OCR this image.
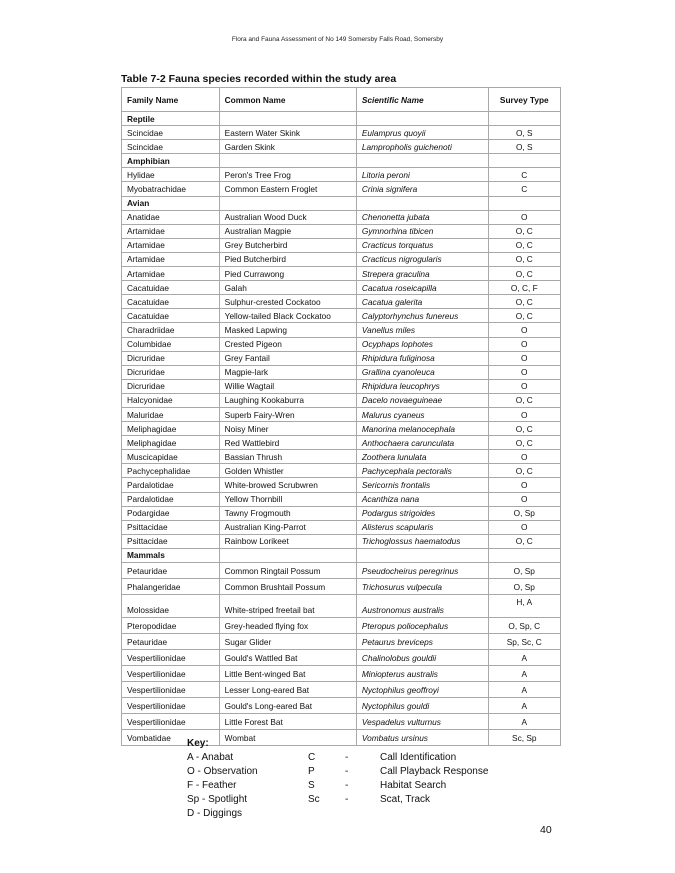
Flora and Fauna Assessment of No 149 Somersby Falls Road, Somersby
Table 7-2 Fauna species recorded within the study area
Family Name	Common Name	Scientific Name	Survey Type
Reptile			
Scincidae	Eastern Water Skink	Eulamprus quoyii	O, S
Scincidae	Garden Skink	Lampropholis guichenoti	O, S
Amphibian			
Hylidae	Peron's Tree Frog	Litoria peroni	C
Myobatrachidae	Common Eastern Froglet	Crinia signifera	C
Avian			
Anatidae	Australian Wood Duck	Chenonetta jubata	O
Artamidae	Australian Magpie	Gymnorhina tibicen	O, C
Artamidae	Grey Butcherbird	Cracticus torquatus	O, C
Artamidae	Pied Butcherbird	Cracticus nigrogularis	O, C
Artamidae	Pied Currawong	Strepera graculina	O, C
Cacatuidae	Galah	Cacatua roseicapilla	O, C, F
Cacatuidae	Sulphur-crested Cockatoo	Cacatua galerita	O, C
Cacatuidae	Yellow-tailed Black Cockatoo	Calyptorhynchus funereus	O, C
Charadriidae	Masked Lapwing	Vanellus miles	O
Columbidae	Crested Pigeon	Ocyphaps lophotes	O
Dicruridae	Grey Fantail	Rhipidura fuliginosa	O
Dicruridae	Magpie-lark	Grallina cyanoleuca	O
Dicruridae	Willie Wagtail	Rhipidura leucophrys	O
Halcyonidae	Laughing Kookaburra	Dacelo novaeguineae	O, C
Maluridae	Superb Fairy-Wren	Malurus cyaneus	O
Meliphagidae	Noisy Miner	Manorina melanocephala	O, C
Meliphagidae	Red Wattlebird	Anthochaera carunculata	O, C
Muscicapidae	Bassian Thrush	Zoothera lunulata	O
Pachycephalidae	Golden Whistler	Pachycephala pectoralis	O, C
Pardalotidae	White-browed Scrubwren	Sericornis frontalis	O
Pardalotidae	Yellow Thornbill	Acanthiza nana	O
Podargidae	Tawny Frogmouth	Podargus strigoides	O, Sp
Psittacidae	Australian King-Parrot	Alisterus scapularis	O
Psittacidae	Rainbow Lorikeet	Trichoglossus haematodus	O, C
Mammals			
Petauridae	Common Ringtail Possum	Pseudocheirus peregrinus	O, Sp
Phalangeridae	Common Brushtail Possum	Trichosurus vulpecula	O, Sp
Molossidae	White-striped freetail bat	Austronomus australis	H, A
Pteropodidae	Grey-headed flying fox	Pteropus poliocephalus	O, Sp, C
Petauridae	Sugar Glider	Petaurus breviceps	Sp, Sc, C
Vespertilionidae	Gould's Wattled Bat	Chalinolobus gouldii	A
Vespertilionidae	Little Bent-winged Bat	Miniopterus australis	A
Vespertilionidae	Lesser Long-eared Bat	Nyctophilus geoffroyi	A
Vespertilionidae	Gould's Long-eared Bat	Nyctophilus gouldi	A
Vespertilionidae	Little Forest Bat	Vespadelus vulturnus	A
Vombatidae	Wombat	Vombatus ursinus	Sc, Sp
Key:
A - Anabat	C	-	Call Identification
O - Observation	P	-	Call Playback Response
F - Feather	S	-	Habitat Search
Sp - Spotlight	Sc	-	Scat, Track
D - Diggings
40
